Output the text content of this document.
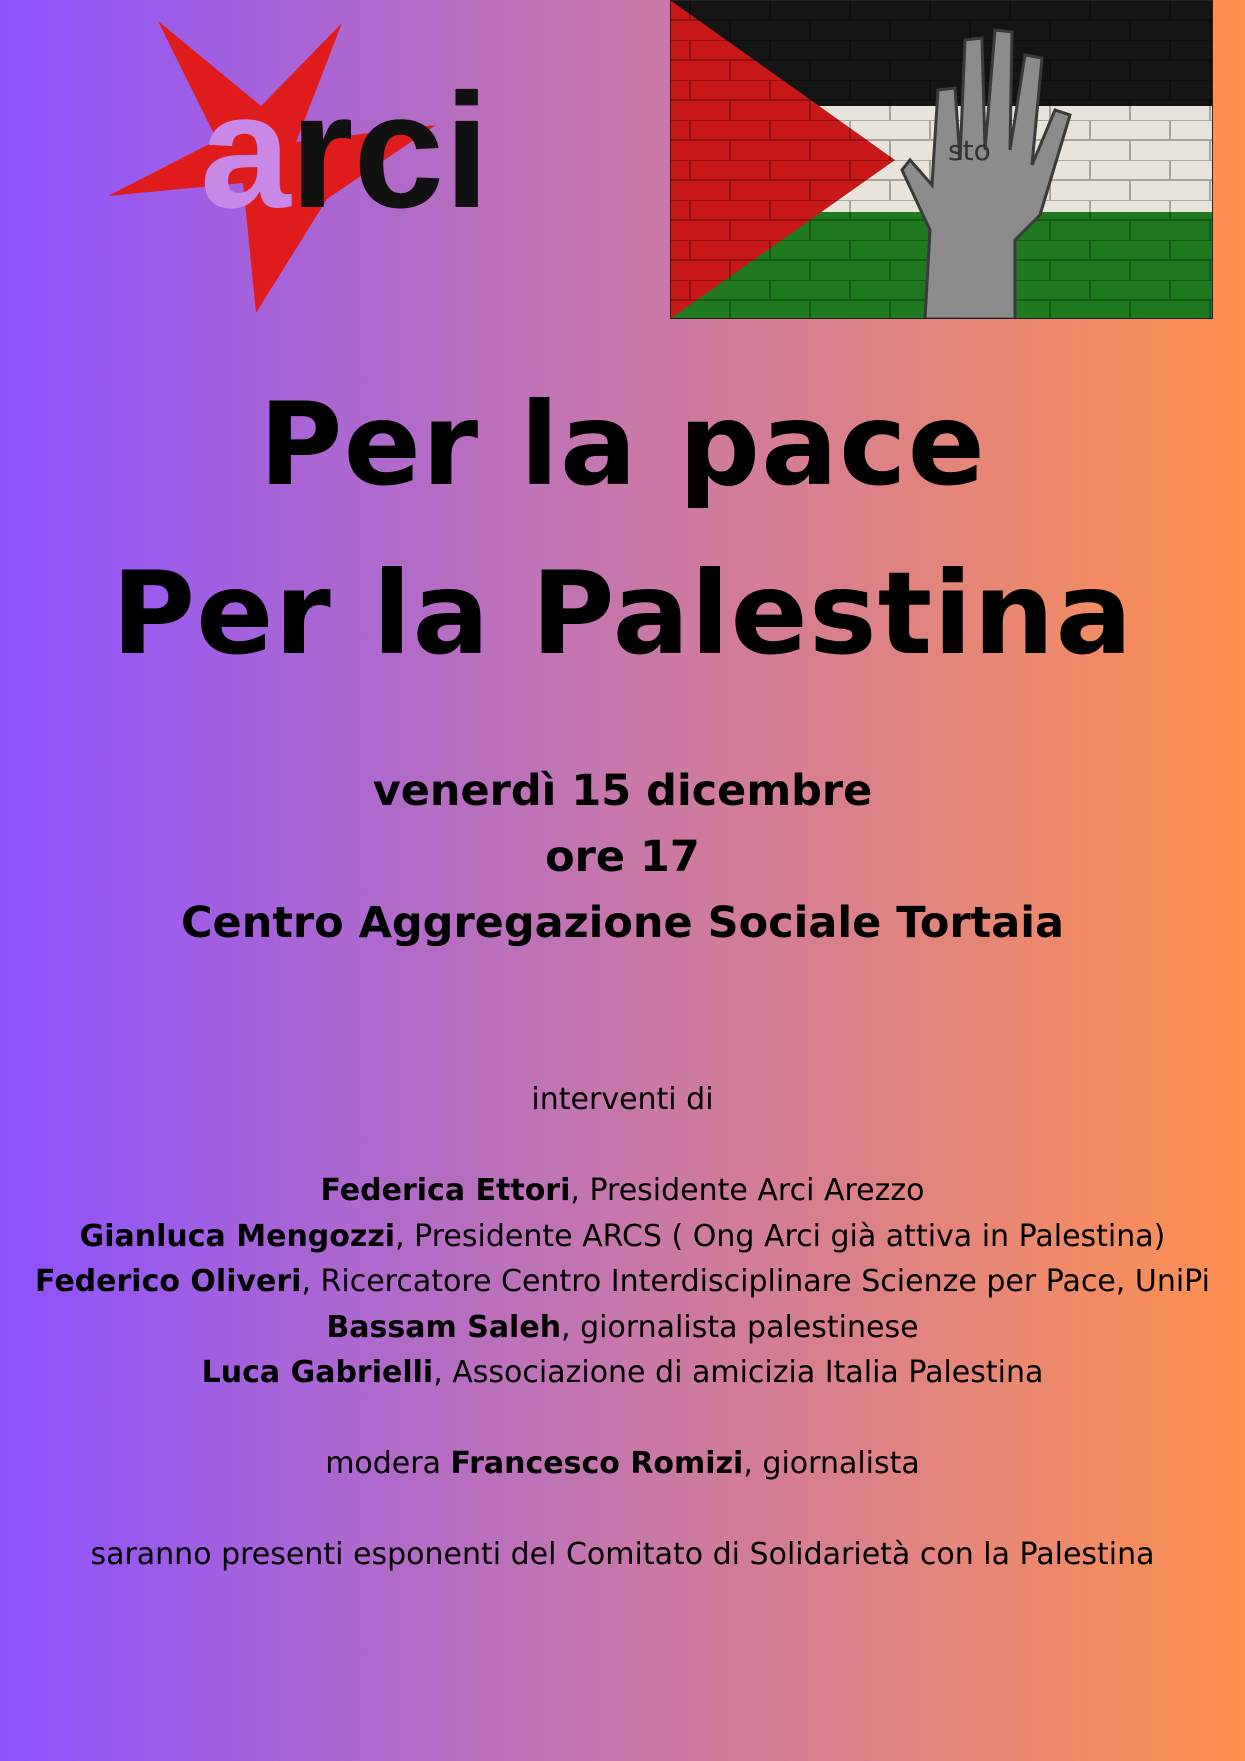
a rci	sto
Per la pace
Per la Palestina
venerdì 15 dicembre
ore 17
Centro Aggregazione Sociale Tortaia
interventi di
Federica Ettori, Presidente Arci Arezzo
Gianluca Mengozzi, Presidente ARCS ( Ong Arci già attiva in Palestina)
Federico Oliveri, Ricercatore Centro Interdisciplinare Scienze per Pace, UniPi
Bassam Saleh, giornalista palestinese
Luca Gabrielli, Associazione di amicizia Italia Palestina
modera Francesco Romizi, giornalista
saranno presenti esponenti del Comitato di Solidarietà con la Palestina
